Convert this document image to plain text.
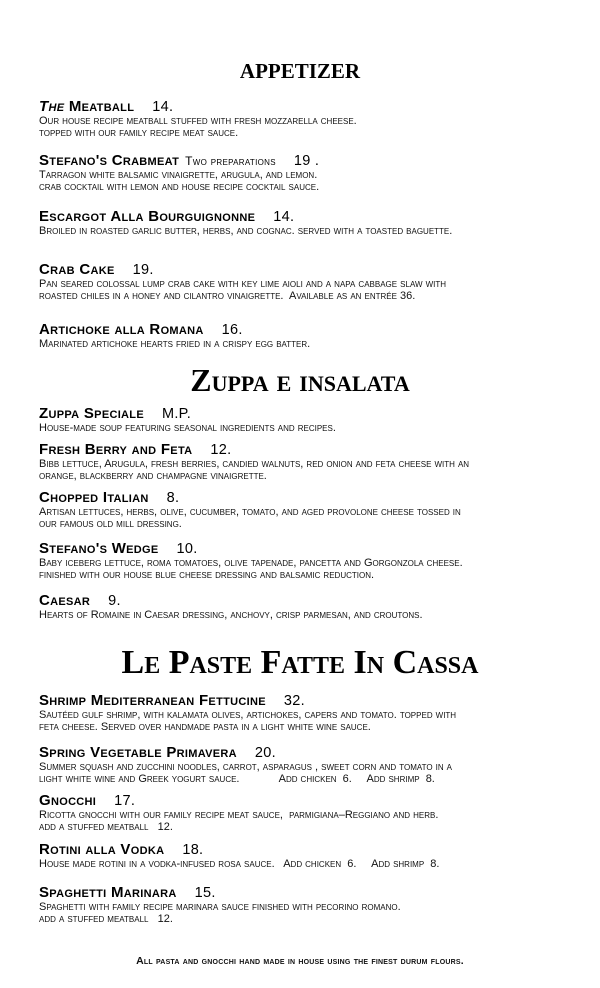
appetizer
Zuppa e insalata
Le Paste Fatte In Cassa
The Meatball 14.
Our house recipe meatball stuffed with fresh mozzarella cheese.
topped with our family recipe meat sauce.
Stefano's Crabmeat Two preparations 19 .
Tarragon white balsamic vinaigrette, arugula, and lemon.
crab cocktail with lemon and house recipe cocktail sauce.
Escargot Alla Bourguignonne 14.
Broiled in roasted garlic butter, herbs, and cognac. served with a toasted baguette.
Crab Cake 19.
Pan seared colossal lump crab cake with key lime aioli and a napa cabbage slaw with
roasted chiles in a honey and cilantro vinaigrette.  Available as an entrée 36.
Artichoke alla Romana 16.
Marinated artichoke hearts fried in a crispy egg batter.
Zuppa Speciale M.P.
House-made soup featuring seasonal ingredients and recipes.
Fresh Berry and Feta 12.
Bibb lettuce, Arugula, fresh berries, candied walnuts, red onion and feta cheese with an
orange, blackberry and champagne vinaigrette.
Chopped Italian 8.
Artisan lettuces, herbs, olive, cucumber, tomato, and aged provolone cheese tossed in
our famous old mill dressing.
Stefano's Wedge 10.
Baby iceberg lettuce, roma tomatoes, olive tapenade, pancetta and Gorgonzola cheese.
finished with our house blue cheese dressing and balsamic reduction.
Caesar 9.
Hearts of Romaine in Caesar dressing, anchovy, crisp parmesan, and croutons.
Shrimp Mediterranean Fettucine 32.
Sautéed gulf shrimp, with kalamata olives, artichokes, capers and tomato. topped with
feta cheese. Served over handmade pasta in a light white wine sauce.
Spring Vegetable Primavera 20.
Summer squash and zucchini noodles, carrot, asparagus , sweet corn and tomato in a
light white wine and Greek yogurt sauce.             Add chicken  6.     Add shrimp  8.
Gnocchi 17.
Ricotta gnocchi with our family recipe meat sauce,  parmigiana–Reggiano and herb.
add a stuffed meatball   12.
Rotini alla Vodka 18.
House made rotini in a vodka-infused rosa sauce.   Add chicken  6.     Add shrimp  8.
Spaghetti Marinara 15.
Spaghetti with family recipe marinara sauce finished with pecorino romano.
add a stuffed meatball   12.
All pasta and gnocchi hand made in house using the finest durum flours.
